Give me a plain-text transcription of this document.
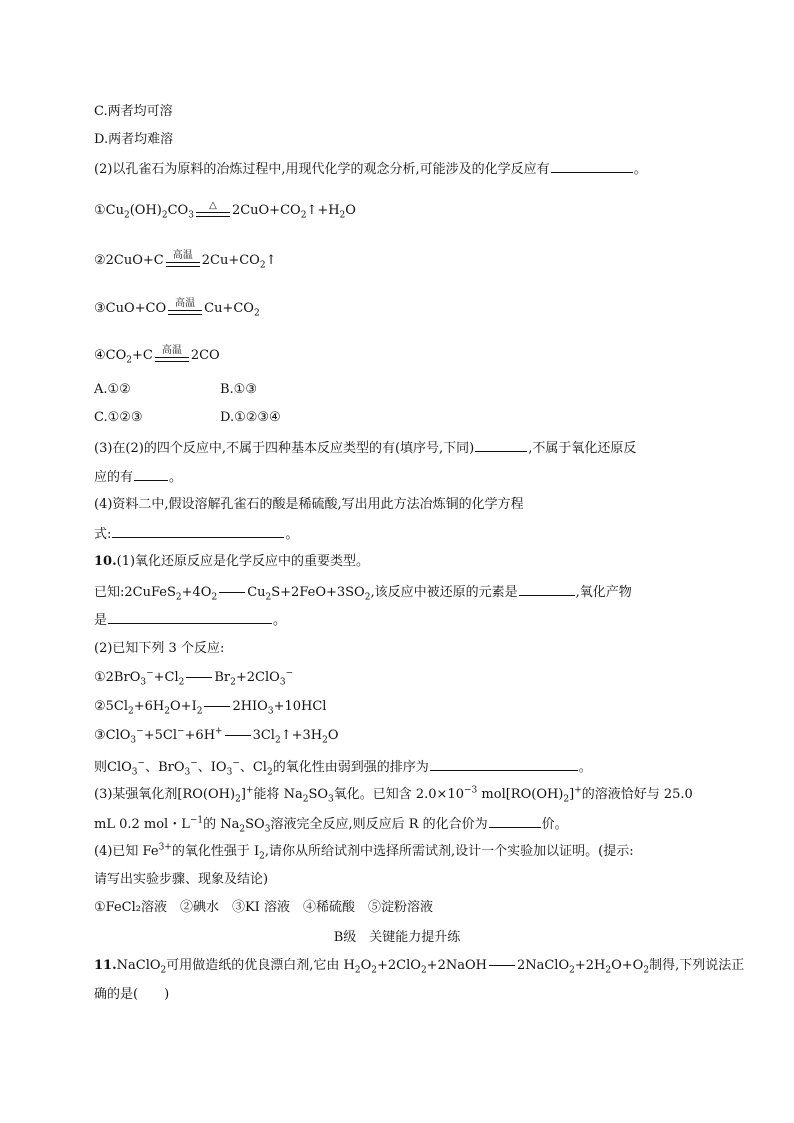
C.两者均可溶
D.两者均难溶
(2)以孔雀石为原料的冶炼过程中,用现代化学的观念分析,可能涉及的化学反应有	。
$①Cu_2(OH)_2CO_3$
△	$2CuO+CO_2↑+H_2O$
②2CuO+C 高温 $2Cu+CO_2↑$
③CuO+CO 高温 $Cu+CO_2$
$④CO_2+C$ 高温 2CO
A.①②	B.①③
C.①②③	D.①②③④
(3)在(2)的四个反应中,不属于四种基本反应类型的有(填序号,下同)	,不属于氧化还原反
应的有	。
(4)资料二中,假设溶解孔雀石的酸是稀硫酸,写出用此方法冶炼铜的化学方程
式:	。
10.(1)氧化还原反应是化学反应中的重要类型。
已知$:2CuFeS_2+4O_2$ $Cu_2S+2FeO+3SO_2$,该反应中被还原的元素是	,氧化产物
是	。
(2)已知下列 3 个反应:
$①2BrO_3^-+Cl_2$ $Br_2+2ClO_3^-$
$②5Cl_2+6H_2O+I_2$ $2HIO_3+10HCl$
③ClO$_3$−+5Cl−+6H+ $3Cl_2↑+3H_2O$
则ClO$_3$−、BrO$_3$−、$IO_3^-$、$Cl_2$的氧化性由弱到强的排序为	。
(3)某强氧化剂$[RO(OH)_2]^+$能将 $Na_2SO_3$氧化。已知含 $2.0\times 10^{-3}$ $mol[RO(OH)_2]^+$的溶液恰好与 25.0
mL 0.2 mol・$L^{-1}$的 $Na_2SO_3$溶液完全反应,则反应后 R 的化合价为	价。
(4)已知 $Fe^{3+}$的氧化性强于 $I_2$,请你从所给试剂中选择所需试剂,设计一个实验加以证明。(提示:
请写出实验步骤、现象及结论)
①FeCl₂溶液　②碘水　③KI 溶液　④稀硫酸　⑤淀粉溶液
B级　关键能力提升练
11.NaClO$_2$可用做造纸的优良漂白剂,它由 $H_2O_2+2ClO_2+2NaOH$ $2NaClO_2+2H_2O+O_2$制得,下列说法正
确的是(　　)
